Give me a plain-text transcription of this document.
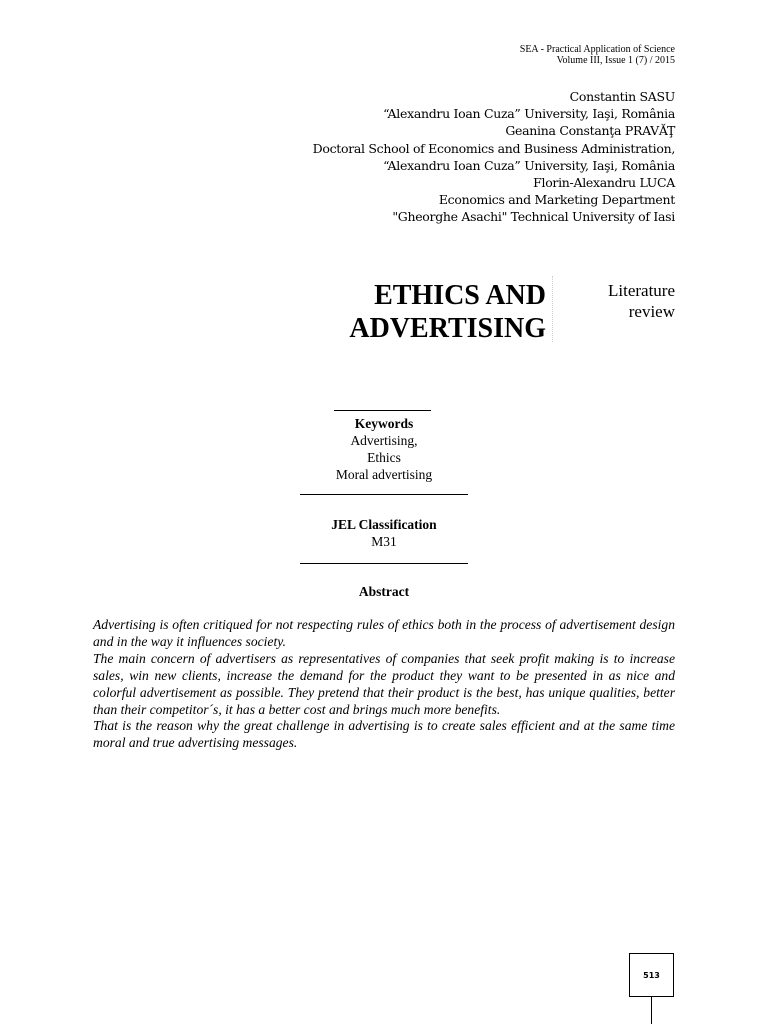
SEA - Practical Application of Science
Volume III, Issue 1 (7) / 2015
Constantin SASU
“Alexandru Ioan Cuza” University, Iaşi, România
Geanina Constanţa PRAVĂŢ
Doctoral School of Economics and Business Administration,
“Alexandru Ioan Cuza” University, Iaşi, România
Florin-Alexandru LUCA
Economics and Marketing Department
"Gheorghe Asachi" Technical University of Iasi
ETHICS AND
ADVERTISING
Literature
review
Keywords
Advertising,
Ethics
Moral advertising
JEL Classification
M31
Abstract

Advertising is often critiqued for not respecting rules of ethics both in the process of advertisement design and in the way it influences society.

The main concern of advertisers as representatives of companies that seek profit making is to increase sales, win new clients, increase the demand for the product they want to be presented in as nice and colorful advertisement as possible. They pretend that their product is the best, has unique qualities, better than their competitor´s, it has a better cost and brings much more benefits.

That is the reason why the great challenge in advertising is to create sales efficient and at the same time moral and true advertising messages.

513
